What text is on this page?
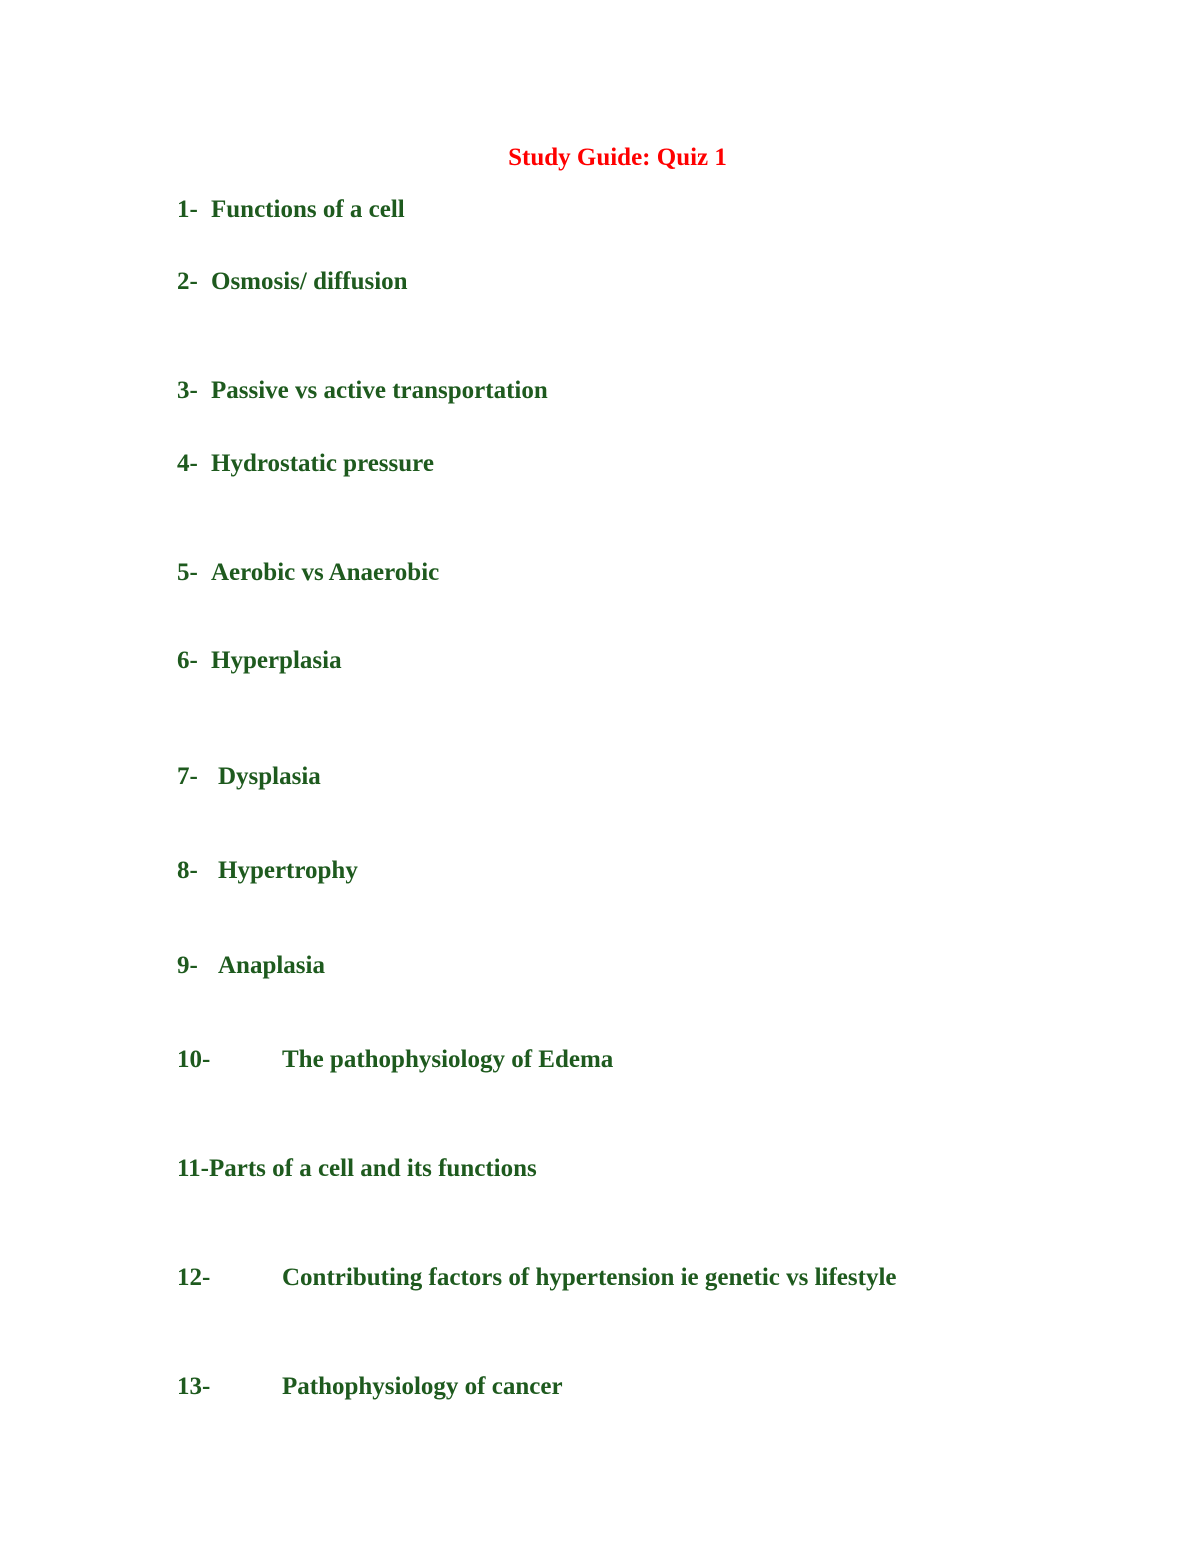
Study Guide: Quiz 1
1- Functions of a cell
2- Osmosis/ diffusion
3- Passive vs active transportation
4- Hydrostatic pressure
5- Aerobic vs Anaerobic
6- Hyperplasia
7- Dysplasia
8- Hypertrophy
9- Anaplasia
10-	The pathophysiology of Edema
11-Parts of a cell and its functions
12-	Contributing factors of hypertension ie genetic vs lifestyle
13-	Pathophysiology of cancer
